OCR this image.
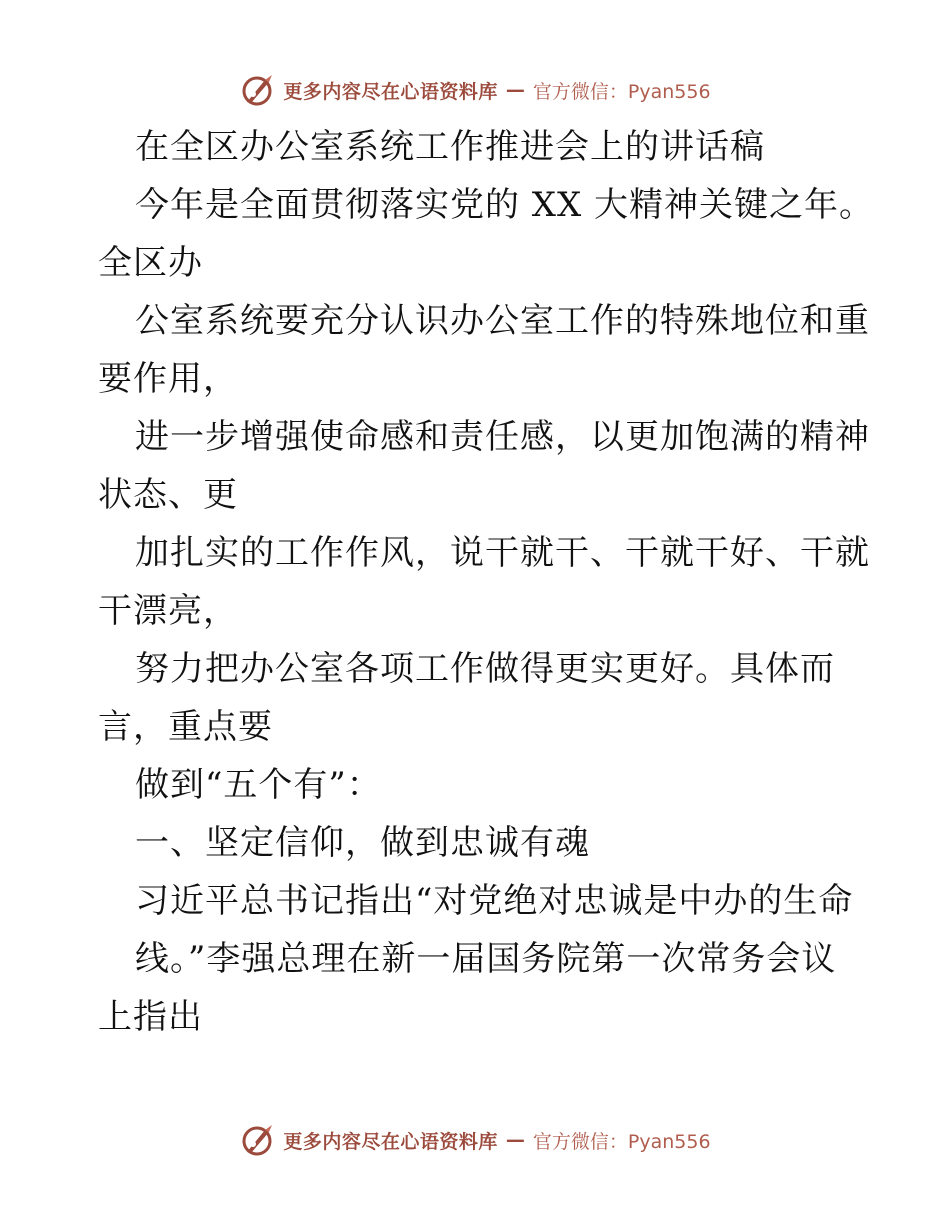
更多内容尽在心语资料库 — 官方微信：Pyan556
在全区办公室系统工作推进会上的讲话稿
今年是全面贯彻落实党的 XX 大精神关键之年。
全区办
公室系统要充分认识办公室工作的特殊地位和重
要作用，
进一步增强使命感和责任感，以更加饱满的精神
状态、更
加扎实的工作作风，说干就干、干就干好、干就
干漂亮，
努力把办公室各项工作做得更实更好。具体而
言，重点要
做到“五个有”：
一、坚定信仰，做到忠诚有魂
习近平总书记指出“对党绝对忠诚是中办的生命
线。”李强总理在新一届国务院第一次常务会议
上指出
更多内容尽在心语资料库 — 官方微信：Pyan556
